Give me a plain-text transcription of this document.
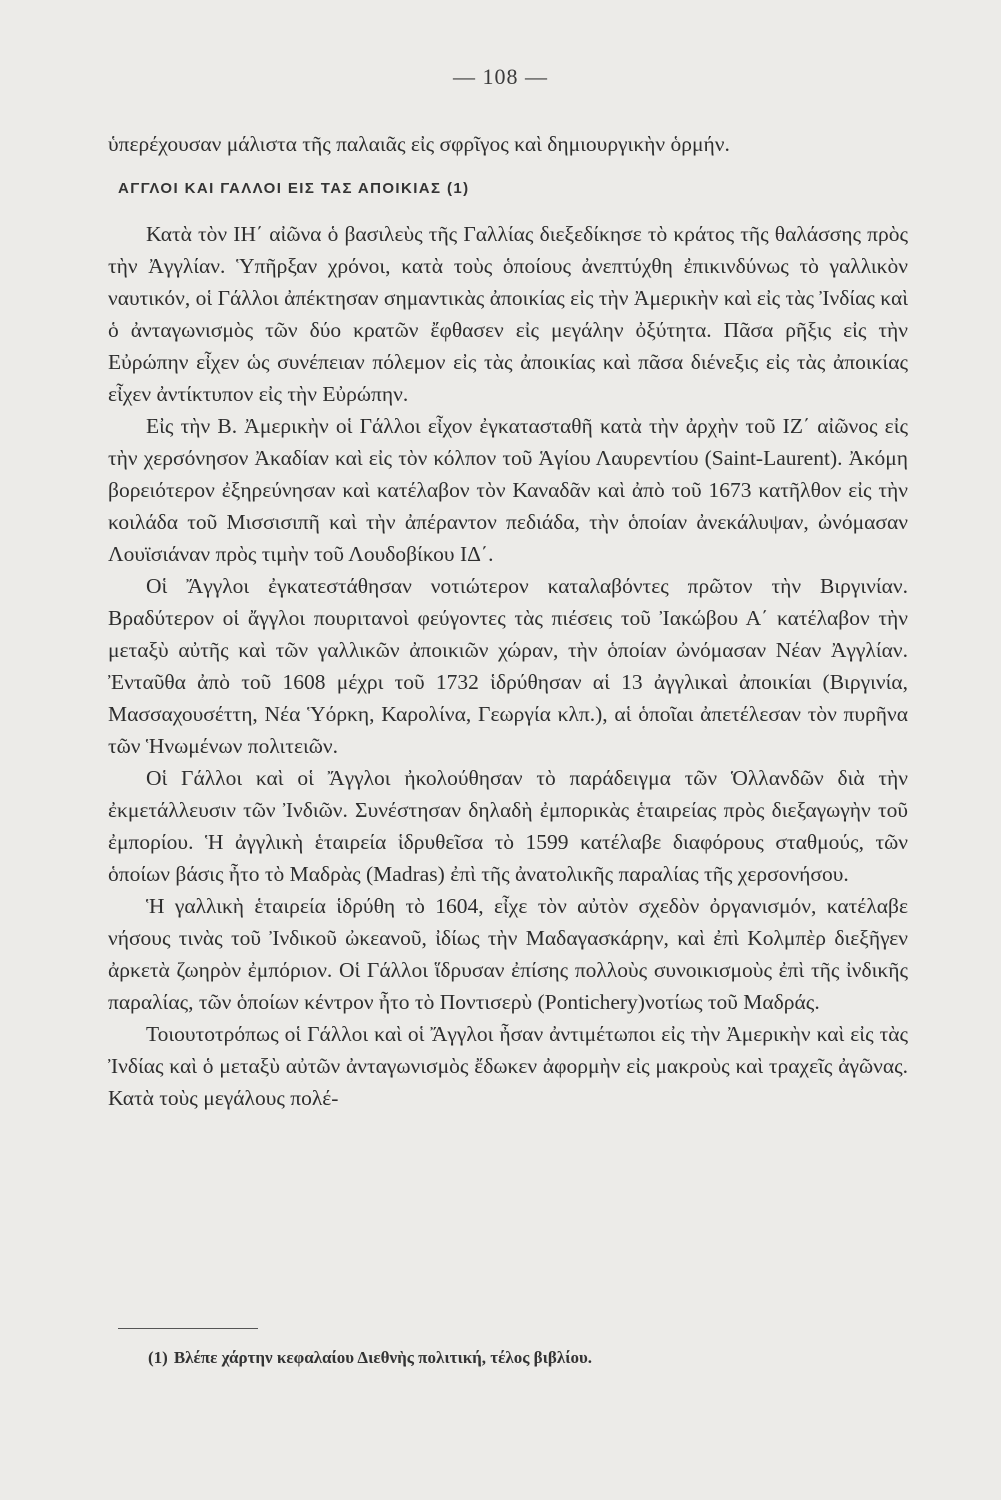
— 108 —
ὑπερέχουσαν μάλιστα τῆς παλαιᾶς εἰς σφρῖγος καὶ δημιουργικὴν ὁρμήν.
ΑΓΓΛΟΙ ΚΑΙ ΓΑΛΛΟΙ ΕΙΣ ΤΑΣ ΑΠΟΙΚΙΑΣ (1)

Κατὰ τὸν ΙΗ΄ αἰῶνα ὁ βασιλεὺς τῆς Γαλλίας διεξεδίκησε τὸ κράτος τῆς θαλάσσης πρὸς τὴν Ἀγγλίαν. Ὑπῆρξαν χρόνοι, κατὰ τοὺς ὁποίους ἀνεπτύχθη ἐπικινδύνως τὸ γαλλικὸν ναυτικόν, οἱ Γάλλοι ἀπέκτησαν σημαντικὰς ἀποικίας εἰς τὴν Ἀμερικὴν καὶ εἰς τὰς Ἰνδίας καὶ ὁ ἀνταγωνισμὸς τῶν δύο κρατῶν ἔφθασεν εἰς μεγάλην ὀξύτητα. Πᾶσα ρῆξις εἰς τὴν Εὐρώπην εἶχεν ὡς συνέπειαν πόλεμον εἰς τὰς ἀποικίας καὶ πᾶσα διένεξις εἰς τὰς ἀποικίας εἶχεν ἀντίκτυπον εἰς τὴν Εὐρώπην.

Εἰς τὴν Β. Ἀμερικὴν οἱ Γάλλοι εἶχον ἐγκατασταθῆ κατὰ τὴν ἀρχὴν τοῦ ΙΖ΄ αἰῶνος εἰς τὴν χερσόνησον Ἀκαδίαν καὶ εἰς τὸν κόλπον τοῦ Ἁγίου Λαυρεντίου (Saint-Laurent). Ἀκόμη βορειότερον ἐξηρεύνησαν καὶ κατέλαβον τὸν Καναδᾶν καὶ ἀπὸ τοῦ 1673 κατῆλθον εἰς τὴν κοιλάδα τοῦ Μισσισιπῆ καὶ τὴν ἀπέραντον πεδιάδα, τὴν ὁποίαν ἀνεκάλυψαν, ὠνόμασαν Λουϊσιάναν πρὸς τιμὴν τοῦ Λουδοβίκου ΙΔ΄.

Οἱ Ἄγγλοι ἐγκατεστάθησαν νοτιώτερον καταλαβόντες πρῶτον τὴν Βιργινίαν. Βραδύτερον οἱ ἄγγλοι πουριτανοὶ φεύγοντες τὰς πιέσεις τοῦ Ἰακώβου Α΄ κατέλαβον τὴν μεταξὺ αὐτῆς καὶ τῶν γαλλικῶν ἀποικιῶν χώραν, τὴν ὁποίαν ὠνόμασαν Νέαν Ἀγγλίαν. Ἐνταῦθα ἀπὸ τοῦ 1608 μέχρι τοῦ 1732 ἱδρύθησαν αἱ 13 ἀγγλικαὶ ἀποικίαι (Βιργινία, Μασσαχουσέττη, Νέα Ὑόρκη, Καρολίνα, Γεωργία κλπ.), αἱ ὁποῖαι ἀπετέλεσαν τὸν πυρῆνα τῶν Ἡνωμένων πολιτειῶν.

Οἱ Γάλλοι καὶ οἱ Ἄγγλοι ἠκολούθησαν τὸ παράδειγμα τῶν Ὁλλανδῶν διὰ τὴν ἐκμετάλλευσιν τῶν Ἰνδιῶν. Συνέστησαν δηλαδὴ ἐμπορικὰς ἑταιρείας πρὸς διεξαγωγὴν τοῦ ἐμπορίου. Ἡ ἀγγλικὴ ἑταιρεία ἱδρυθεῖσα τὸ 1599 κατέλαβε διαφόρους σταθμούς, τῶν ὁποίων βάσις ἦτο τὸ Μαδρὰς (Madras) ἐπὶ τῆς ἀνατολικῆς παραλίας τῆς χερσονήσου.

Ἡ γαλλικὴ ἑταιρεία ἱδρύθη τὸ 1604, εἶχε τὸν αὐτὸν σχεδὸν ὀργανισμόν, κατέλαβε νήσους τινὰς τοῦ Ἰνδικοῦ ὠκεανοῦ, ἰδίως τὴν Μαδαγασκάρην, καὶ ἐπὶ Κολμπὲρ διεξῆγεν ἀρκετὰ ζωηρὸν ἐμπόριον. Οἱ Γάλλοι ἵδρυσαν ἐπίσης πολλοὺς συνοικισμοὺς ἐπὶ τῆς ἰνδικῆς παραλίας, τῶν ὁποίων κέντρον ἦτο τὸ Ποντισερὺ (Pontichery)νοτίως τοῦ Μαδράς.

Τοιουτοτρόπως οἱ Γάλλοι καὶ οἱ Ἄγγλοι ἦσαν ἀντιμέτωποι εἰς τὴν Ἀμερικὴν καὶ εἰς τὰς Ἰνδίας καὶ ὁ μεταξὺ αὐτῶν ἀνταγωνισμὸς ἔδωκεν ἀφορμὴν εἰς μακροὺς καὶ τραχεῖς ἀγῶνας. Κατὰ τοὺς μεγάλους πολέ-

(1) Βλέπε χάρτην κεφαλαίου Διεθνὴς πολιτική, τέλος βιβλίου.
